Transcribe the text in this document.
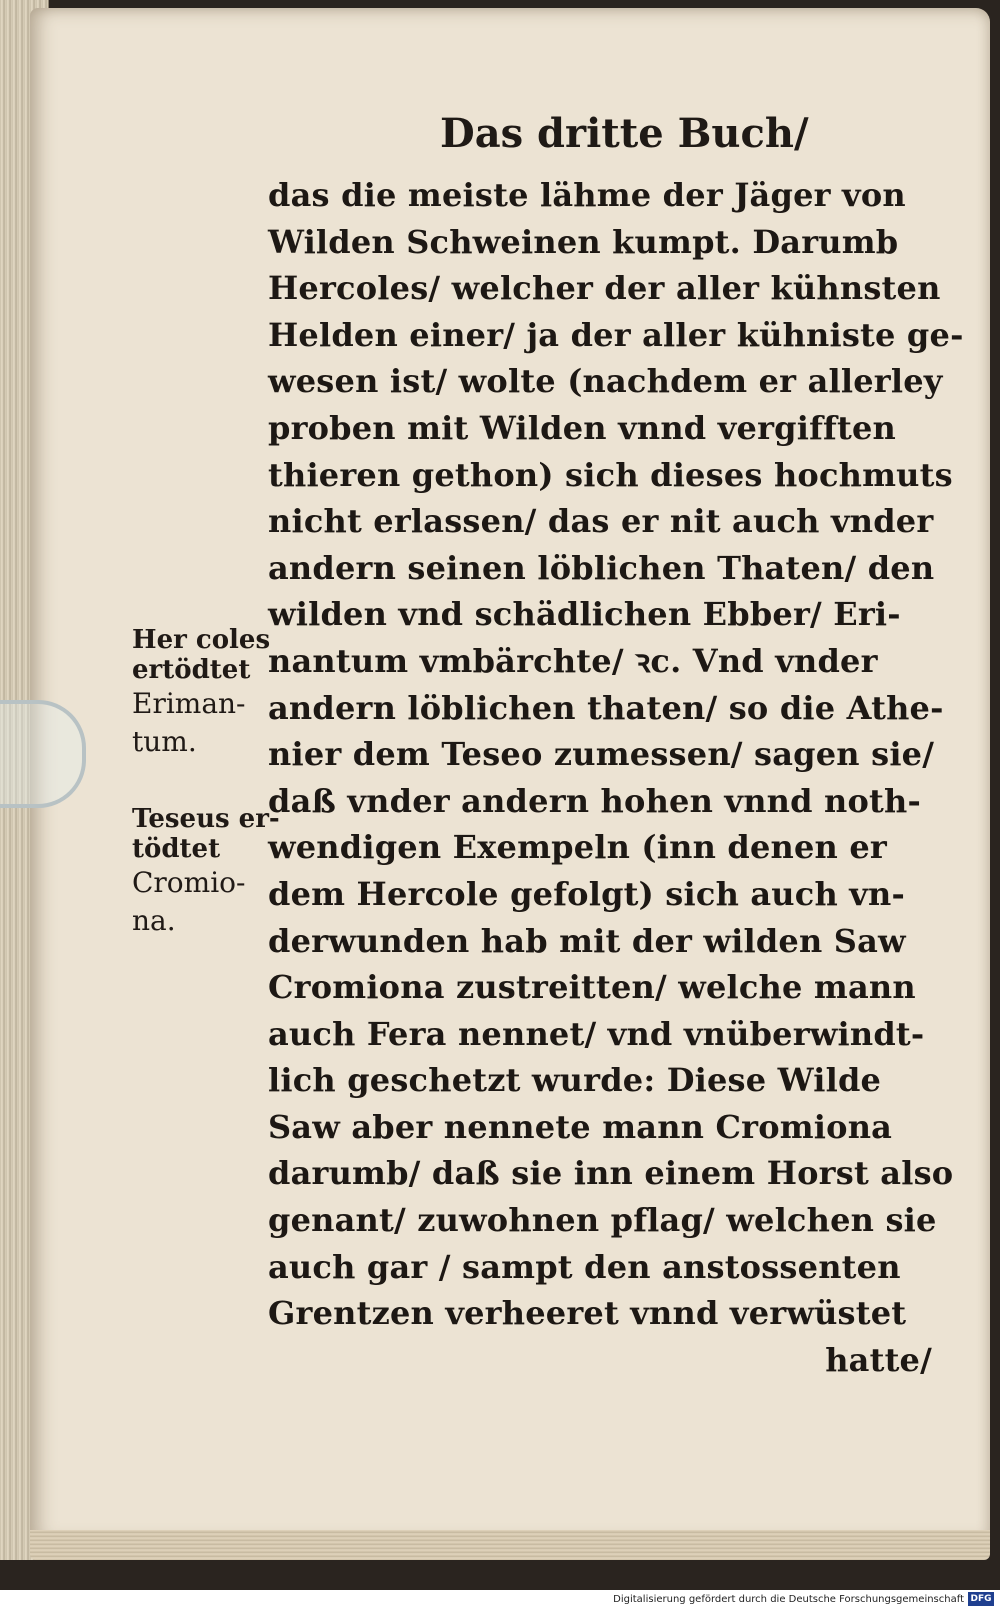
Das dritte Buch/
das die meiste lähme der Jäger von
Wilden Schweinen kumpt. Darumb
Hercoles/ welcher der aller kühnsten
Helden einer/ ja der aller kühniste ge-
wesen ist/ wolte (nachdem er allerley
proben mit Wilden vnnd vergifften
thieren gethon) sich dieses hochmuts
nicht erlassen/ das er nit auch vnder
andern seinen löblichen Thaten/ den
wilden vnd schädlichen Ebber/ Eri-
nantum vmbärchte/ ꝛc. Vnd vnder
andern löblichen thaten/ so die Athe-
nier dem Teseo zumessen/ sagen sie/
daß vnder andern hohen vnnd noth-
wendigen Exempeln (inn denen er
dem Hercole gefolgt) sich auch vn-
derwunden hab mit der wilden Saw
Cromiona zustreitten/ welche mann
auch Fera nennet/ vnd vnüberwindt-
lich geschetzt wurde: Diese Wilde
Saw aber nennete mann Cromiona
darumb/ daß sie inn einem Horst also
genant/ zuwohnen pflag/ welchen sie
auch gar / sampt den anstossenten
Grentzen verheeret vnnd verwüstet
hatte/
Her coles
ertödtet
Eriman-
tum.
Teseus er-
tödtet
Cromio-
na.
Digitalisierung gefördert durch die Deutsche Forschungsgemeinschaft DFG
